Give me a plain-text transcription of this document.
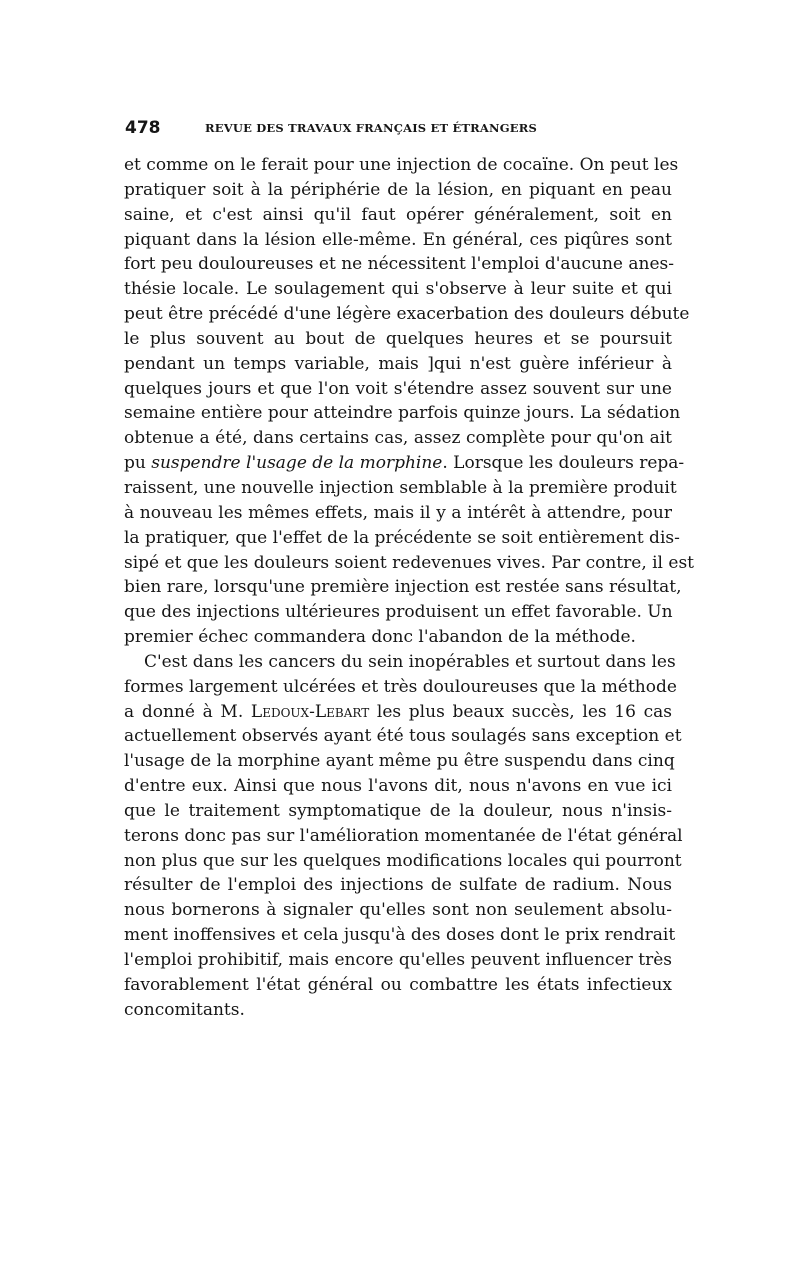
478	REVUE DES TRAVAUX FRANÇAIS ET ÉTRANGERS
et comme on le ferait pour une injection de cocaïne. On peut les
pratiquer soit à la périphérie de la lésion, en piquant en peau
saine, et c'est ainsi qu'il faut opérer généralement, soit en
piquant dans la lésion elle-même. En général, ces piqûres sont
fort peu douloureuses et ne nécessitent l'emploi d'aucune anes-
thésie locale. Le soulagement qui s'observe à leur suite et qui
peut être précédé d'une légère exacerbation des douleurs débute
le plus souvent au bout de quelques heures et se poursuit
pendant un temps variable, mais ]qui n'est guère inférieur à
quelques jours et que l'on voit s'étendre assez souvent sur une
semaine entière pour atteindre parfois quinze jours. La sédation
obtenue a été, dans certains cas, assez complète pour qu'on ait
pu suspendre l'usage de la morphine. Lorsque les douleurs repa-
raissent, une nouvelle injection semblable à la première produit
à nouveau les mêmes effets, mais il y a intérêt à attendre, pour
la pratiquer, que l'effet de la précédente se soit entièrement dis-
sipé et que les douleurs soient redevenues vives. Par contre, il est
bien rare, lorsqu'une première injection est restée sans résultat,
que des injections ultérieures produisent un effet favorable. Un
premier échec commandera donc l'abandon de la méthode.
C'est dans les cancers du sein inopérables et surtout dans les
formes largement ulcérées et très douloureuses que la méthode
a donné à M. Ledoux-Lebart les plus beaux succès, les 16 cas
actuellement observés ayant été tous soulagés sans exception et
l'usage de la morphine ayant même pu être suspendu dans cinq
d'entre eux. Ainsi que nous l'avons dit, nous n'avons en vue ici
que le traitement symptomatique de la douleur, nous n'insis-
terons donc pas sur l'amélioration momentanée de l'état général
non plus que sur les quelques modifications locales qui pourront
résulter de l'emploi des injections de sulfate de radium. Nous
nous bornerons à signaler qu'elles sont non seulement absolu-
ment inoffensives et cela jusqu'à des doses dont le prix rendrait
l'emploi prohibitif, mais encore qu'elles peuvent influencer très
favorablement l'état général ou combattre les états infectieux
concomitants.
